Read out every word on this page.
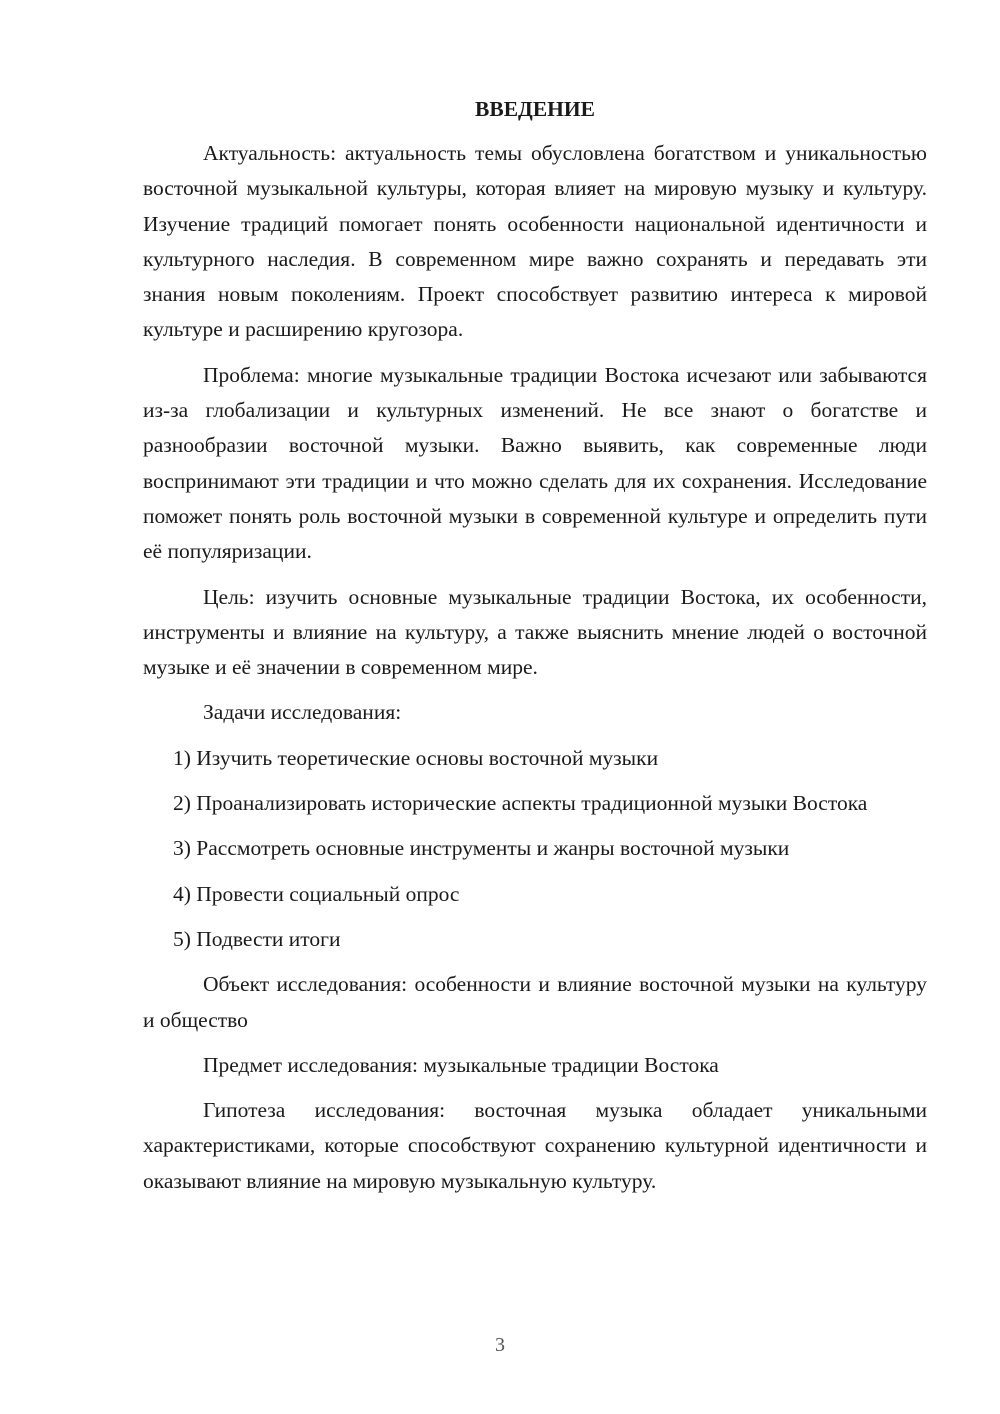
ВВЕДЕНИЕ

Актуальность: актуальность темы обусловлена богатством и уникальностью восточной музыкальной культуры, которая влияет на мировую музыку и культуру. Изучение традиций помогает понять особенности национальной идентичности и культурного наследия. В современном мире важно сохранять и передавать эти знания новым поколениям. Проект способствует развитию интереса к мировой культуре и расширению кругозора.

Проблема: многие музыкальные традиции Востока исчезают или забываются из-за глобализации и культурных изменений. Не все знают о богатстве и разнообразии восточной музыки. Важно выявить, как современные люди воспринимают эти традиции и что можно сделать для их сохранения. Исследование поможет понять роль восточной музыки в современной культуре и определить пути её популяризации.

Цель: изучить основные музыкальные традиции Востока, их особенности, инструменты и влияние на культуру, а также выяснить мнение людей о восточной музыке и её значении в современном мире.

Задачи исследования:

1) Изучить теоретические основы восточной музыки

2) Проанализировать исторические аспекты традиционной музыки Востока

3) Рассмотреть основные инструменты и жанры восточной музыки

4) Провести социальный опрос

5) Подвести итоги

Объект исследования: особенности и влияние восточной музыки на культуру и общество

Предмет исследования: музыкальные традиции Востока

Гипотеза исследования: восточная музыка обладает уникальными характеристиками, которые способствуют сохранению культурной идентичности и оказывают влияние на мировую музыкальную культуру.

3
